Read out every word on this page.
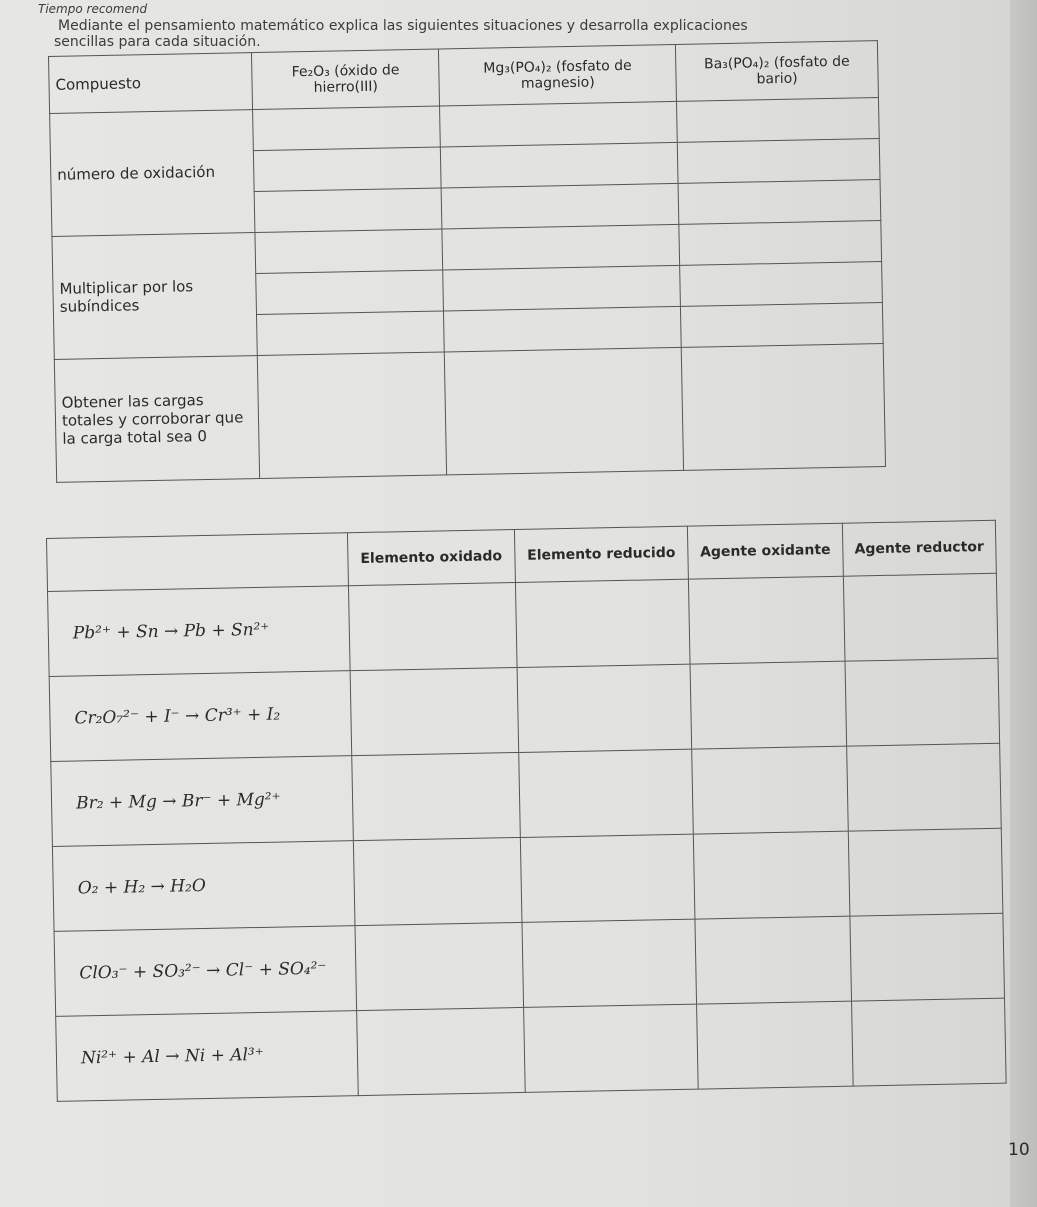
Tiempo recomend
Mediante el pensamiento matemático explica las siguientes situaciones y desarrolla explicaciones
sencillas para cada situación.
Compuesto	Fe₂O₃ (óxido de hierro(III)	Mg₃(PO₄)₂ (fosfato de magnesio)	Ba₃(PO₄)₂ (fosfato de bario)
número de oxidación			

Multiplicar por los subíndices			

Obtener las cargas totales y corroborar que la carga total sea 0			
	Elemento oxidado	Elemento reducido	Agente oxidante	Agente reductor
Pb²⁺ + Sn → Pb + Sn²⁺				
Cr₂O₇²⁻ + I⁻ → Cr³⁺ + I₂				
Br₂ + Mg → Br⁻ + Mg²⁺				
O₂ + H₂ → H₂O				
ClO₃⁻ + SO₃²⁻ → Cl⁻ + SO₄²⁻				
Ni²⁺ + Al → Ni + Al³⁺				
10
